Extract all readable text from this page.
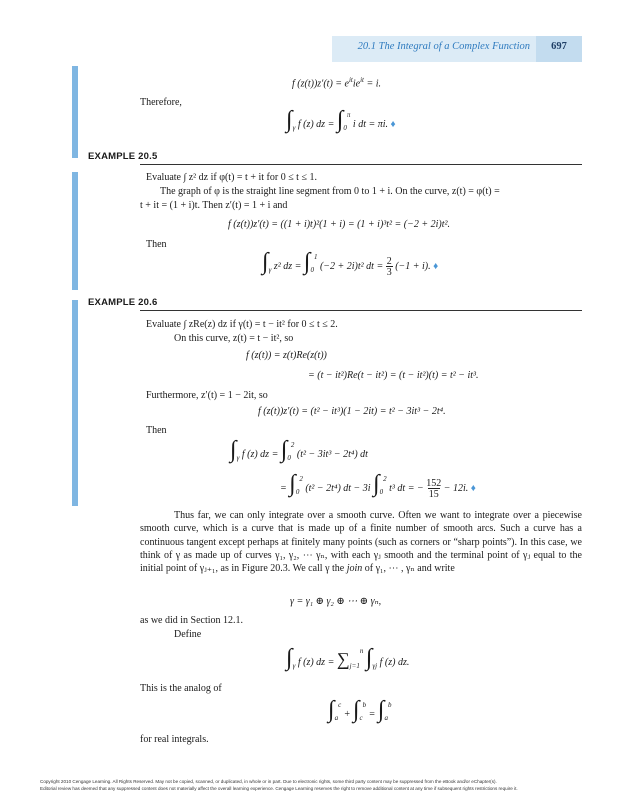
20.1 The Integral of a Complex Function	697
f $(z(t))z'(t) = e^{it}ie^{it} = i$.
Therefore,
$\int_\gamma$ f (z) dz = $\int_0^\pi$ i dt = πi. ♦
EXAMPLE 20.5
Evaluate ∫ z² dz if φ(t) = t + it for 0 ≤ t ≤ 1.
The graph of φ is the straight line segment from 0 to 1 + i. On the curve, z(t) = φ(t) =
t + it = (1 + i)t. Then z′(t) = 1 + i and
f (z(t))z′(t) = ((1 + i)t)²(1 + i) = (1 + i)³t² = (−2 + 2i)t².
Then
$\int_\gamma$ z² dz = $\int_0^1$ (−2 + 2i)t² dt = 2
3 (−1 + i). ♦
EXAMPLE 20.6
Evaluate ∫ zRe(z) dz if γ(t) = t − it² for 0 ≤ t ≤ 2.
On this curve, z(t) = t − it², so
f (z(t)) = z(t)Re(z(t))
= (t − it²)Re(t − it²) = (t − it²)(t) = t² − it³.
Furthermore, z′(t) = 1 − 2it, so
f (z(t))z′(t) = (t² − it³)(1 − 2it) = t² − 3it³ − 2t⁴.
Then
$\int_\gamma$ f (z) dz = $\int_0^2$ (t² − 3it³ − 2t⁴) dt
= $\int_0^2$ (t² − 2t⁴) dt − 3i $\int_0^2$ t³ dt = − $\frac{152}{15} - 12i$. ♦
Thus far, we can only integrate over a smooth curve. Often we want to integrate over a piecewise smooth curve, which is a curve that is made up of a finite number of smooth arcs. Such a curve has a continuous tangent except perhaps at finitely many points (such as corners or “sharp points”). In this case, we think of γ as made up of curves γ₁, γ₂, ⋯ γₙ, with each γⱼ smooth and the terminal point of γⱼ equal to the initial point of γⱼ₊₁, as in Figure 20.3. We call γ the join of γ₁, ⋯ , γₙ and write
γ = γ₁ ⊕ γ₂ ⊕ ⋯ ⊕ γₙ,
as we did in Section 12.1.
Define
$\int_\gamma$ f (z) dz = $\sum_{j=1}^n$ $\int_{\gamma j}$ f (z) dz.
This is the analog of
$\int_a^c + \int_c^b = \int_a^b$
for real integrals.
Copyright 2010 Cengage Learning. All Rights Reserved. May not be copied, scanned, or duplicated, in whole or in part. Due to electronic rights, some third party content may be suppressed from the eBook and/or eChapter(s).
Editorial review has deemed that any suppressed content does not materially affect the overall learning experience. Cengage Learning reserves the right to remove additional content at any time if subsequent rights restrictions require it.
